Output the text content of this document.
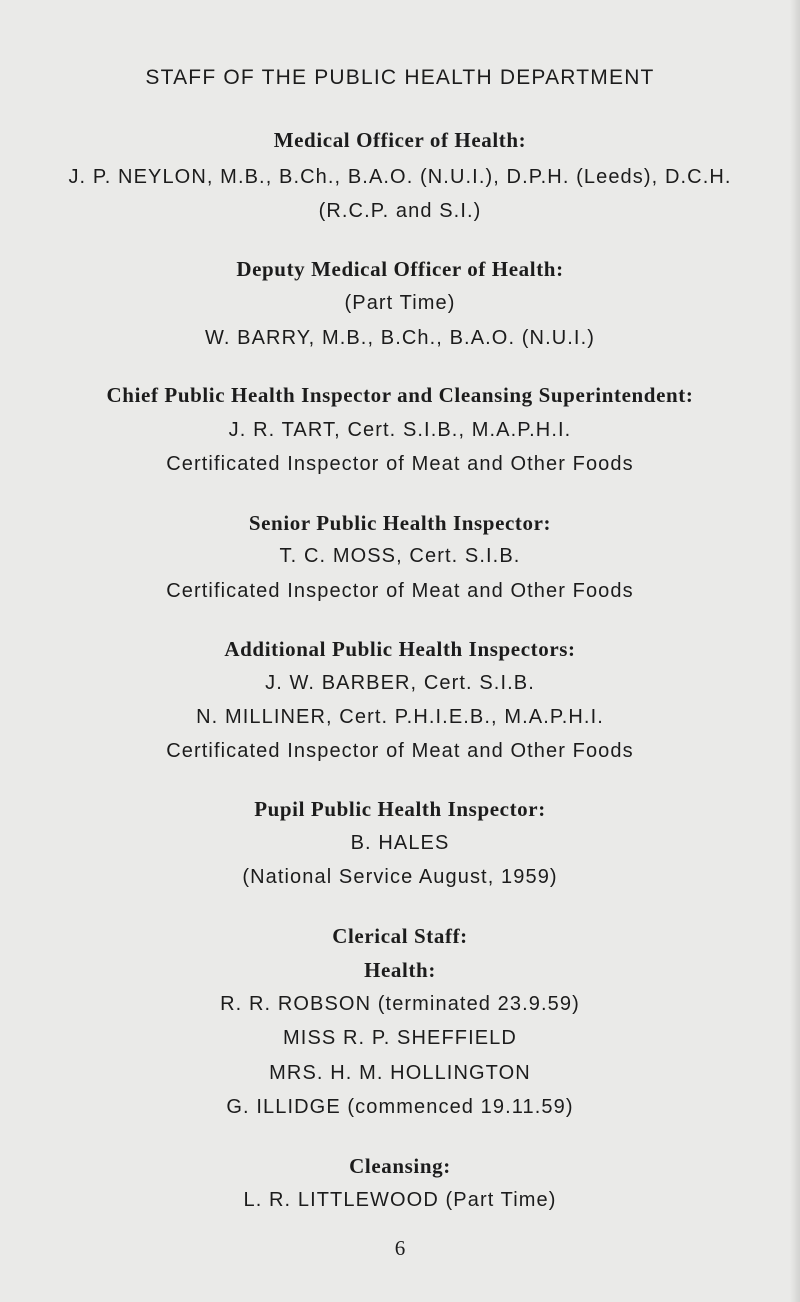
STAFF OF THE PUBLIC HEALTH DEPARTMENT
Medical Officer of Health:
J. P. NEYLON, M.B., B.Ch., B.A.O. (N.U.I.), D.P.H. (Leeds), D.C.H.
(R.C.P. and S.I.)
Deputy Medical Officer of Health:
(Part Time)
W. BARRY, M.B., B.Ch., B.A.O. (N.U.I.)
Chief Public Health Inspector and Cleansing Superintendent:
J. R. TART, Cert. S.I.B., M.A.P.H.I.
Certificated Inspector of Meat and Other Foods
Senior Public Health Inspector:
T. C. MOSS, Cert. S.I.B.
Certificated Inspector of Meat and Other Foods
Additional Public Health Inspectors:
J. W. BARBER, Cert. S.I.B.
N. MILLINER, Cert. P.H.I.E.B., M.A.P.H.I.
Certificated Inspector of Meat and Other Foods
Pupil Public Health Inspector:
B. HALES
(National Service August, 1959)
Clerical Staff:
Health:
R. R. ROBSON (terminated 23.9.59)
MISS R. P. SHEFFIELD
MRS. H. M. HOLLINGTON
G. ILLIDGE (commenced 19.11.59)
Cleansing:
L. R. LITTLEWOOD (Part Time)
6
